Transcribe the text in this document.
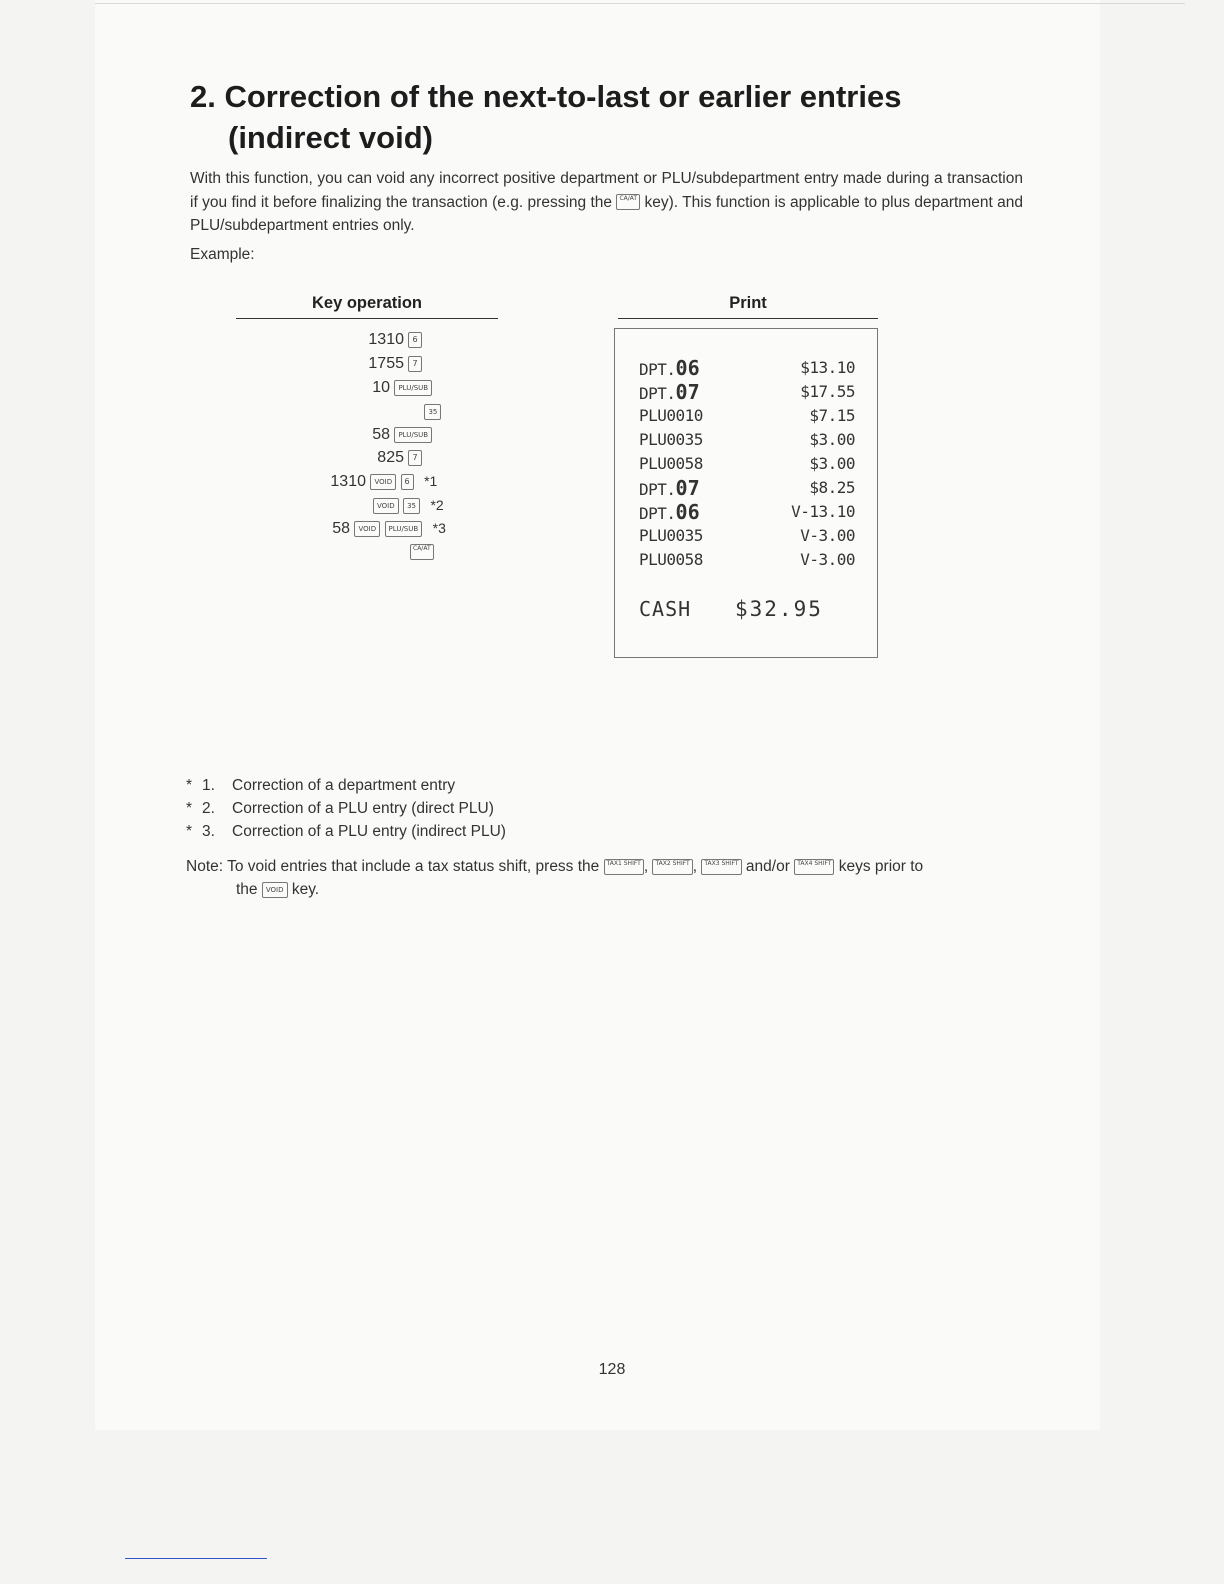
2. Correction of the next-to-last or earlier entries
(indirect void)

With this function, you can void any incorrect positive department or PLU/subdepartment entry made during a transaction if you find it before finalizing the transaction (e.g. pressing the CA/AT key). This function is applicable to plus department and PLU/subdepartment entries only.

Example:
Key operation
1310 6
1755 7
10 PLU/SUB
35
58 PLU/SUB
825 7
1310 VOID 6 *1
VOID 35 *2
58 VOID PLU/SUB *3
CA/AT
Print
DPT.06	$13.10
DPT.07	$17.55
PLU0010	$7.15
PLU0035	$3.00
PLU0058	$3.00
DPT.07	$8.25
DPT.06	V-13.10
PLU0035	V-3.00
PLU0058	V-3.00
CASH $32.95
* 1. Correction of a department entry
* 2. Correction of a PLU entry (direct PLU)
* 3. Correction of a PLU entry (indirect PLU)
Note: To void entries that include a tax status shift, press the TAX1 SHIFT , TAX2 SHIFT , TAX3 SHIFT and/or TAX4 SHIFT keys prior to
the VOID key.
128
